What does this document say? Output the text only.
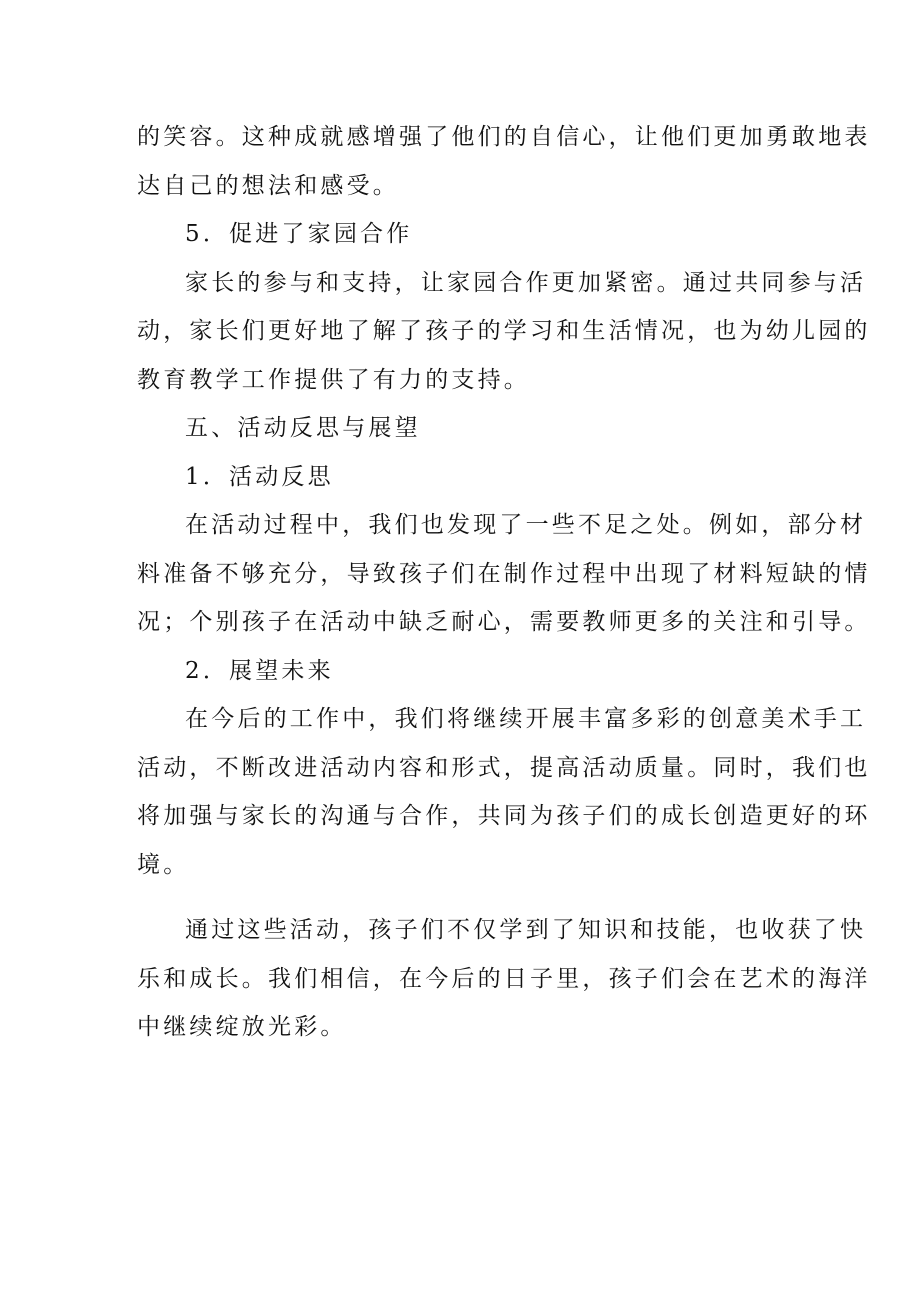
的笑容。这种成就感增强了他们的自信心，让他们更加勇敢地表
达自己的想法和感受。

5．促进了家园合作

家长的参与和支持，让家园合作更加紧密。通过共同参与活
动，家长们更好地了解了孩子的学习和生活情况，也为幼儿园的
教育教学工作提供了有力的支持。

五、活动反思与展望

1．活动反思

在活动过程中，我们也发现了一些不足之处。例如，部分材
料准备不够充分，导致孩子们在制作过程中出现了材料短缺的情
况；个别孩子在活动中缺乏耐心，需要教师更多的关注和引导。

2．展望未来

在今后的工作中，我们将继续开展丰富多彩的创意美术手工
活动，不断改进活动内容和形式，提高活动质量。同时，我们也
将加强与家长的沟通与合作，共同为孩子们的成长创造更好的环
境。

通过这些活动，孩子们不仅学到了知识和技能，也收获了快
乐和成长。我们相信，在今后的日子里，孩子们会在艺术的海洋
中继续绽放光彩。
